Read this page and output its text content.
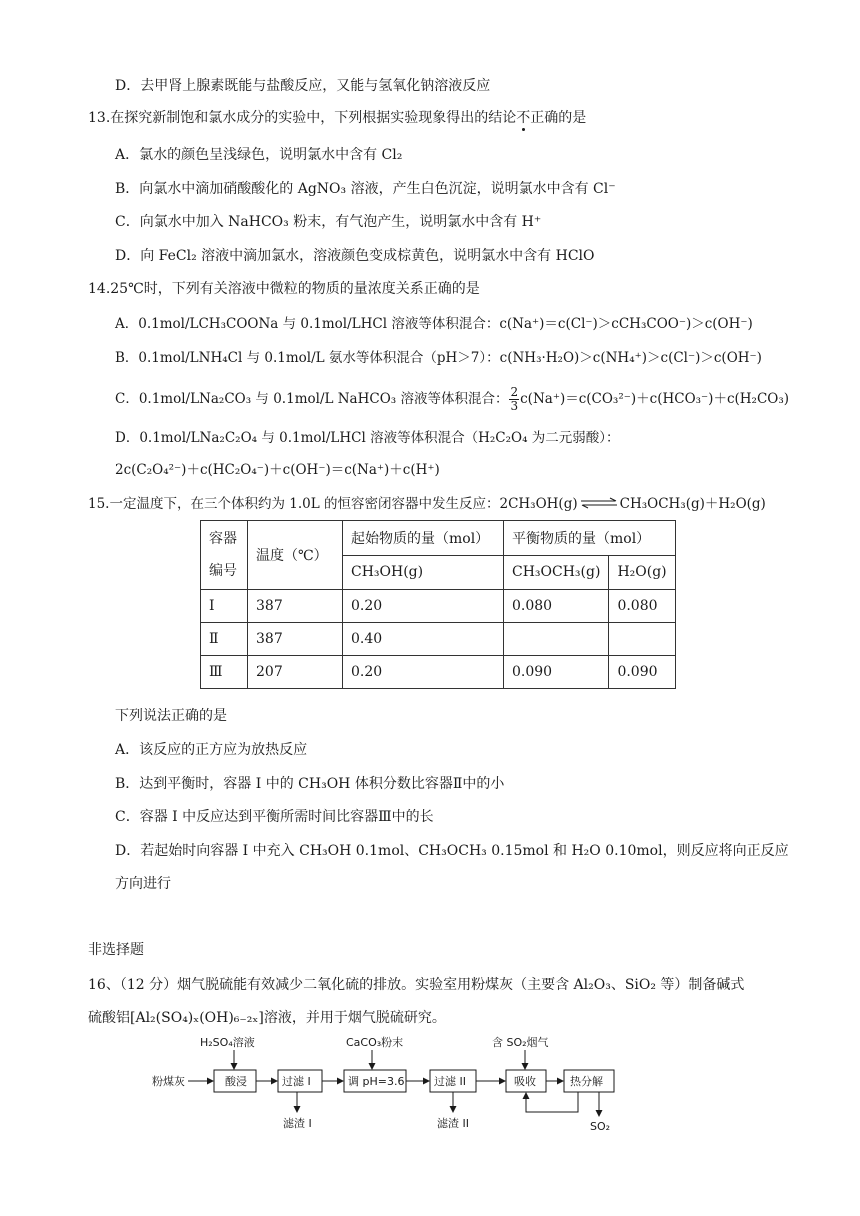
D．去甲肾上腺素既能与盐酸反应，又能与氢氧化钠溶液反应
13.在探究新制饱和氯水成分的实验中，下列根据实验现象得出的结论不正确的是
A．氯水的颜色呈浅绿色，说明氯水中含有 Cl₂
B．向氯水中滴加硝酸酸化的 AgNO₃ 溶液，产生白色沉淀，说明氯水中含有 Cl⁻
C．向氯水中加入 NaHCO₃ 粉末，有气泡产生，说明氯水中含有 H⁺
D．向 FeCl₂ 溶液中滴加氯水，溶液颜色变成棕黄色，说明氯水中含有 HClO
14.25℃时，下列有关溶液中微粒的物质的量浓度关系正确的是
A．0.1mol/LCH₃COONa 与 0.1mol/LHCl 溶液等体积混合：c(Na⁺)＝c(Cl⁻)＞cCH₃COO⁻)＞c(OH⁻)
B．0.1mol/LNH₄Cl 与 0.1mol/L 氨水等体积混合（pH＞7）：c(NH₃·H₂O)＞c(NH₄⁺)＞c(Cl⁻)＞c(OH⁻)
C．0.1mol/LNa₂CO₃ 与 0.1mol/L NaHCO₃ 溶液等体积混合： $\frac{2}{3} c(Na^+)=c(CO_3^{2-})+c(HCO_3^-)+c(H_2CO_3)$
D．0.1mol/LNa₂C₂O₄ 与 0.1mol/LHCl 溶液等体积混合（H₂C₂O₄ 为二元弱酸）：
2c(C₂O₄²⁻)＋c(HC₂O₄⁻)＋c(OH⁻)＝c(Na⁺)＋c(H⁺)
15.一定温度下，在三个体积约为 1.0L 的恒容密闭容器中发生反应：2CH₃OH(g) ⇌ CH₃OCH₃(g)＋H₂O(g)
容器
编号	温度（℃）	起始物质的量（mol）	平衡物质的量（mol）	
		CH₃OH(g)	CH₃OCH₃(g)	H₂O(g)
I	387	0.20	0.080	0.080
Ⅱ	387	0.40		
Ⅲ	207	0.20	0.090	0.090
下列说法正确的是
A．该反应的正方应为放热反应
B．达到平衡时，容器 I 中的 CH₃OH 体积分数比容器Ⅱ中的小
C．容器 I 中反应达到平衡所需时间比容器Ⅲ中的长
D．若起始时向容器 I 中充入 CH₃OH 0.1mol、CH₃OCH₃ 0.15mol 和 H₂O 0.10mol，则反应将向正反应
方向进行
非选择题
16、（12 分）烟气脱硫能有效减少二氧化硫的排放。实验室用粉煤灰（主要含 Al₂O₃、SiO₂ 等）制备碱式
硫酸铝[Al₂(SO₄)ₓ(OH)₆₋₂ₓ]溶液，并用于烟气脱硫研究。
粉煤灰
H₂SO₄溶液
酸浸	过滤 I
滤渣 I
CaCO₃粉末
调 pH=3.6	过滤 II
滤渣 II
含 SO₂烟气
吸收	热分解
SO₂
